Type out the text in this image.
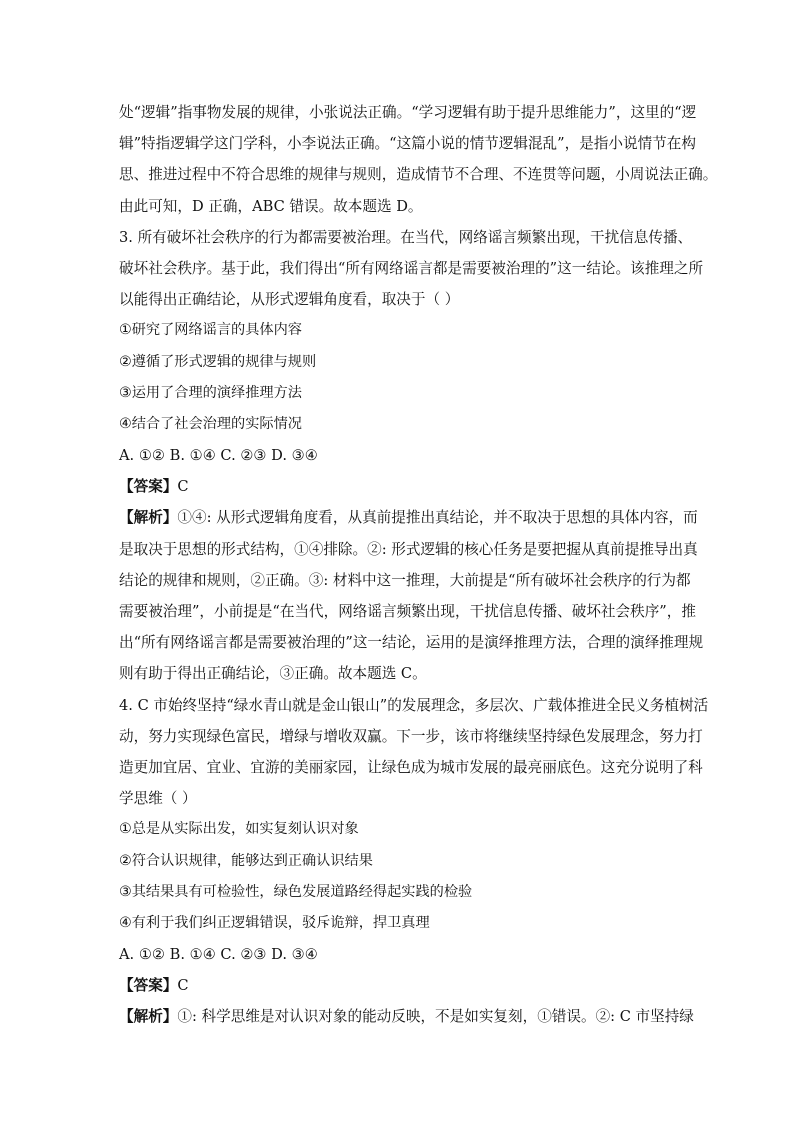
处“逻辑”指事物发展的规律，小张说法正确。“学习逻辑有助于提升思维能力”，这里的“逻
辑”特指逻辑学这门学科，小李说法正确。“这篇小说的情节逻辑混乱”，是指小说情节在构
思、推进过程中不符合思维的规律与规则，造成情节不合理、不连贯等问题，小周说法正确。
由此可知，D 正确，ABC 错误。故本题选 D。
3. 所有破坏社会秩序的行为都需要被治理。在当代，网络谣言频繁出现，干扰信息传播、
破坏社会秩序。基于此，我们得出“所有网络谣言都是需要被治理的”这一结论。该推理之所
以能得出正确结论，从形式逻辑角度看，取决于（ ）
①研究了网络谣言的具体内容
②遵循了形式逻辑的规律与规则
③运用了合理的演绎推理方法
④结合了社会治理的实际情况
A. ①② B. ①④ C. ②③ D. ③④
【答案】C
【解析】①④: 从形式逻辑角度看，从真前提推出真结论，并不取决于思想的具体内容，而
是取决于思想的形式结构，①④排除。②: 形式逻辑的核心任务是要把握从真前提推导出真
结论的规律和规则，②正确。③: 材料中这一推理，大前提是“所有破坏社会秩序的行为都
需要被治理”，小前提是“在当代，网络谣言频繁出现，干扰信息传播、破坏社会秩序”，推
出“所有网络谣言都是需要被治理的”这一结论，运用的是演绎推理方法，合理的演绎推理规
则有助于得出正确结论，③正确。故本题选 C。
4. C 市始终坚持“绿水青山就是金山银山”的发展理念，多层次、广载体推进全民义务植树活
动，努力实现绿色富民，增绿与增收双赢。下一步，该市将继续坚持绿色发展理念，努力打
造更加宜居、宜业、宜游的美丽家园，让绿色成为城市发展的最亮丽底色。这充分说明了科
学思维（ ）
①总是从实际出发，如实复刻认识对象
②符合认识规律，能够达到正确认识结果
③其结果具有可检验性，绿色发展道路经得起实践的检验
④有利于我们纠正逻辑错误，驳斥诡辩，捍卫真理
A. ①② B. ①④ C. ②③ D. ③④
【答案】C
【解析】①: 科学思维是对认识对象的能动反映，不是如实复刻，①错误。②: C 市坚持绿
